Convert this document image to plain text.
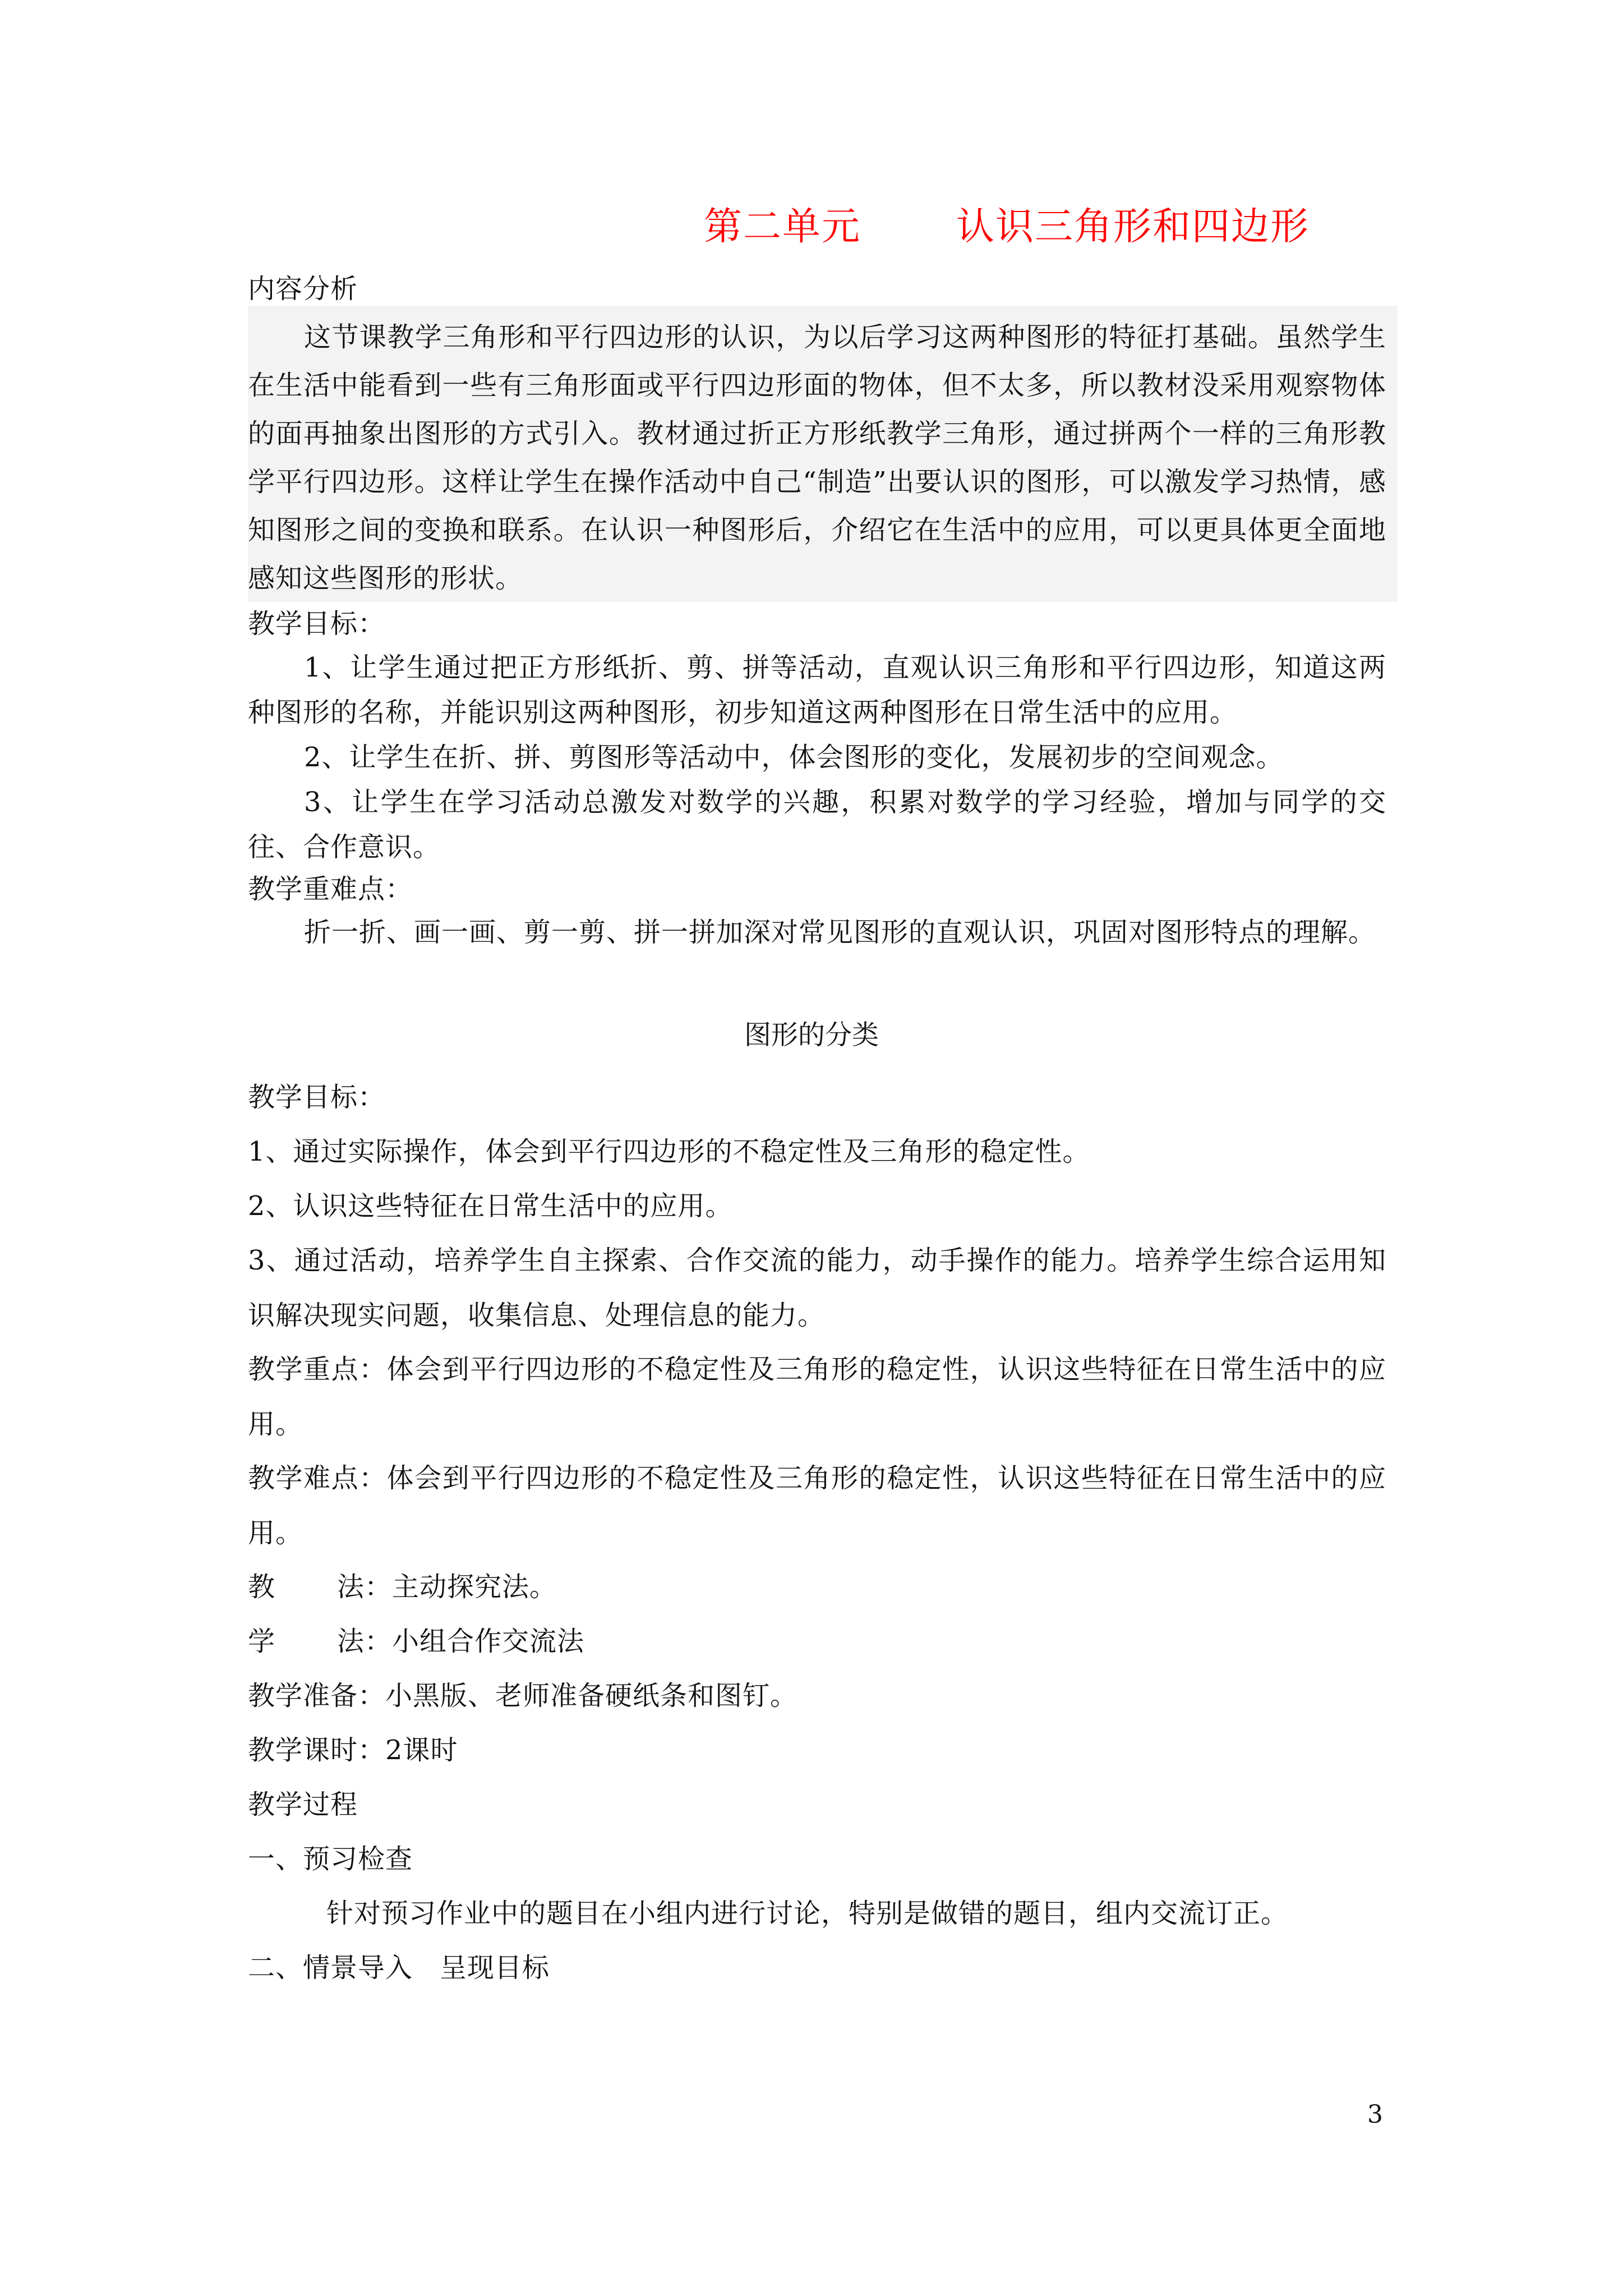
第二单元	认识三角形和四边形
内容分析
这节课教学三角形和平行四边形的认识，为以后学习这两种图形的特征打基础。虽然学生在生活中能看到一些有三角形面或平行四边形面的物体，但不太多，所以教材没采用观察物体的面再抽象出图形的方式引入。教材通过折正方形纸教学三角形，通过拼两个一样的三角形教学平行四边形。这样让学生在操作活动中自己“制造”出要认识的图形，可以激发学习热情，感知图形之间的变换和联系。在认识一种图形后，介绍它在生活中的应用，可以更具体更全面地感知这些图形的形状。
教学目标：
1、让学生通过把正方形纸折、剪、拼等活动，直观认识三角形和平行四边形，知道这两种图形的名称，并能识别这两种图形，初步知道这两种图形在日常生活中的应用。
2、让学生在折、拼、剪图形等活动中，体会图形的变化，发展初步的空间观念。
3、让学生在学习活动总激发对数学的兴趣，积累对数学的学习经验，增加与同学的交往、合作意识。
教学重难点：
折一折、画一画、剪一剪、拼一拼加深对常见图形的直观认识，巩固对图形特点的理解。
图形的分类
教学目标：
1、通过实际操作，体会到平行四边形的不稳定性及三角形的稳定性。
2、认识这些特征在日常生活中的应用。
3、通过活动，培养学生自主探索、合作交流的能力，动手操作的能力。培养学生综合运用知识解决现实问题，收集信息、处理信息的能力。
教学重点：体会到平行四边形的不稳定性及三角形的稳定性，认识这些特征在日常生活中的应用。
教学难点：体会到平行四边形的不稳定性及三角形的稳定性，认识这些特征在日常生活中的应用。
教 法：主动探究法。
学 法：小组合作交流法
教学准备：小黑版、老师准备硬纸条和图钉。
教学课时：2课时
教学过程
一、预习检查
针对预习作业中的题目在小组内进行讨论，特别是做错的题目，组内交流订正。
二、情景导入 呈现目标
3
